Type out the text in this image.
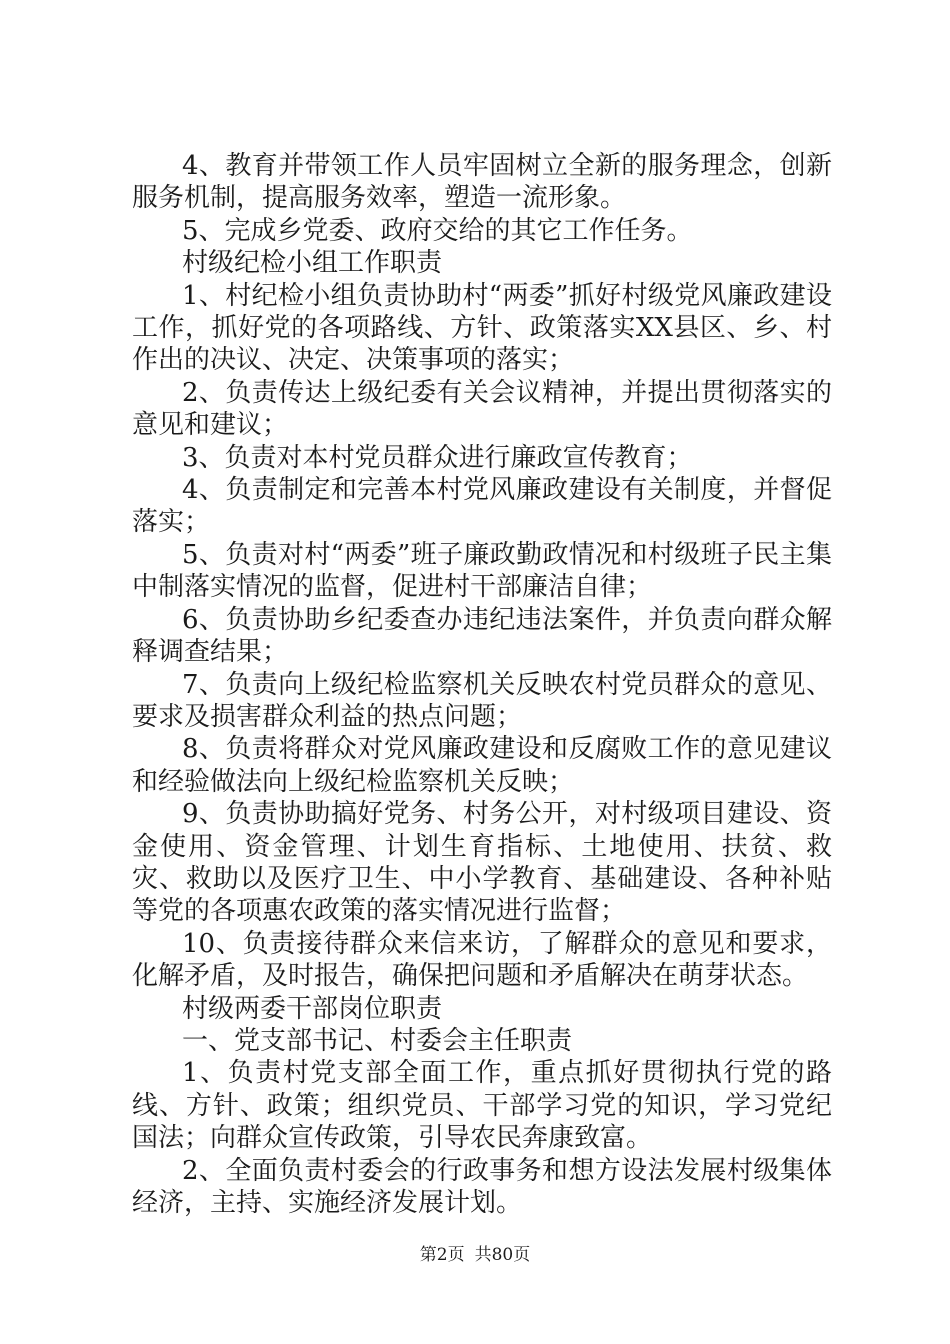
4、教育并带领工作人员牢固树立全新的服务理念，创新服务机制，提高服务效率，塑造一流形象。

5、完成乡党委、政府交给的其它工作任务。

村级纪检小组工作职责

1、村纪检小组负责协助村“两委”抓好村级党风廉政建设工作，抓好党的各项路线、方针、政策落实XX县区、乡、村作出的决议、决定、决策事项的落实；

2、负责传达上级纪委有关会议精神，并提出贯彻落实的意见和建议；

3、负责对本村党员群众进行廉政宣传教育；

4、负责制定和完善本村党风廉政建设有关制度，并督促落实；

5、负责对村“两委”班子廉政勤政情况和村级班子民主集中制落实情况的监督，促进村干部廉洁自律；

6、负责协助乡纪委查办违纪违法案件，并负责向群众解释调查结果；

7、负责向上级纪检监察机关反映农村党员群众的意见、要求及损害群众利益的热点问题；

8、负责将群众对党风廉政建设和反腐败工作的意见建议和经验做法向上级纪检监察机关反映；

9、负责协助搞好党务、村务公开，对村级项目建设、资金使用、资金管理、计划生育指标、土地使用、扶贫、救灾、救助以及医疗卫生、中小学教育、基础建设、各种补贴等党的各项惠农政策的落实情况进行监督；

10、负责接待群众来信来访，了解群众的意见和要求，化解矛盾，及时报告，确保把问题和矛盾解决在萌芽状态。

村级两委干部岗位职责

一、党支部书记、村委会主任职责

1、负责村党支部全面工作，重点抓好贯彻执行党的路线、方针、政策；组织党员、干部学习党的知识，学习党纪国法；向群众宣传政策，引导农民奔康致富。

2、全面负责村委会的行政事务和想方设法发展村级集体经济，主持、实施经济发展计划。

第2页 共80页
